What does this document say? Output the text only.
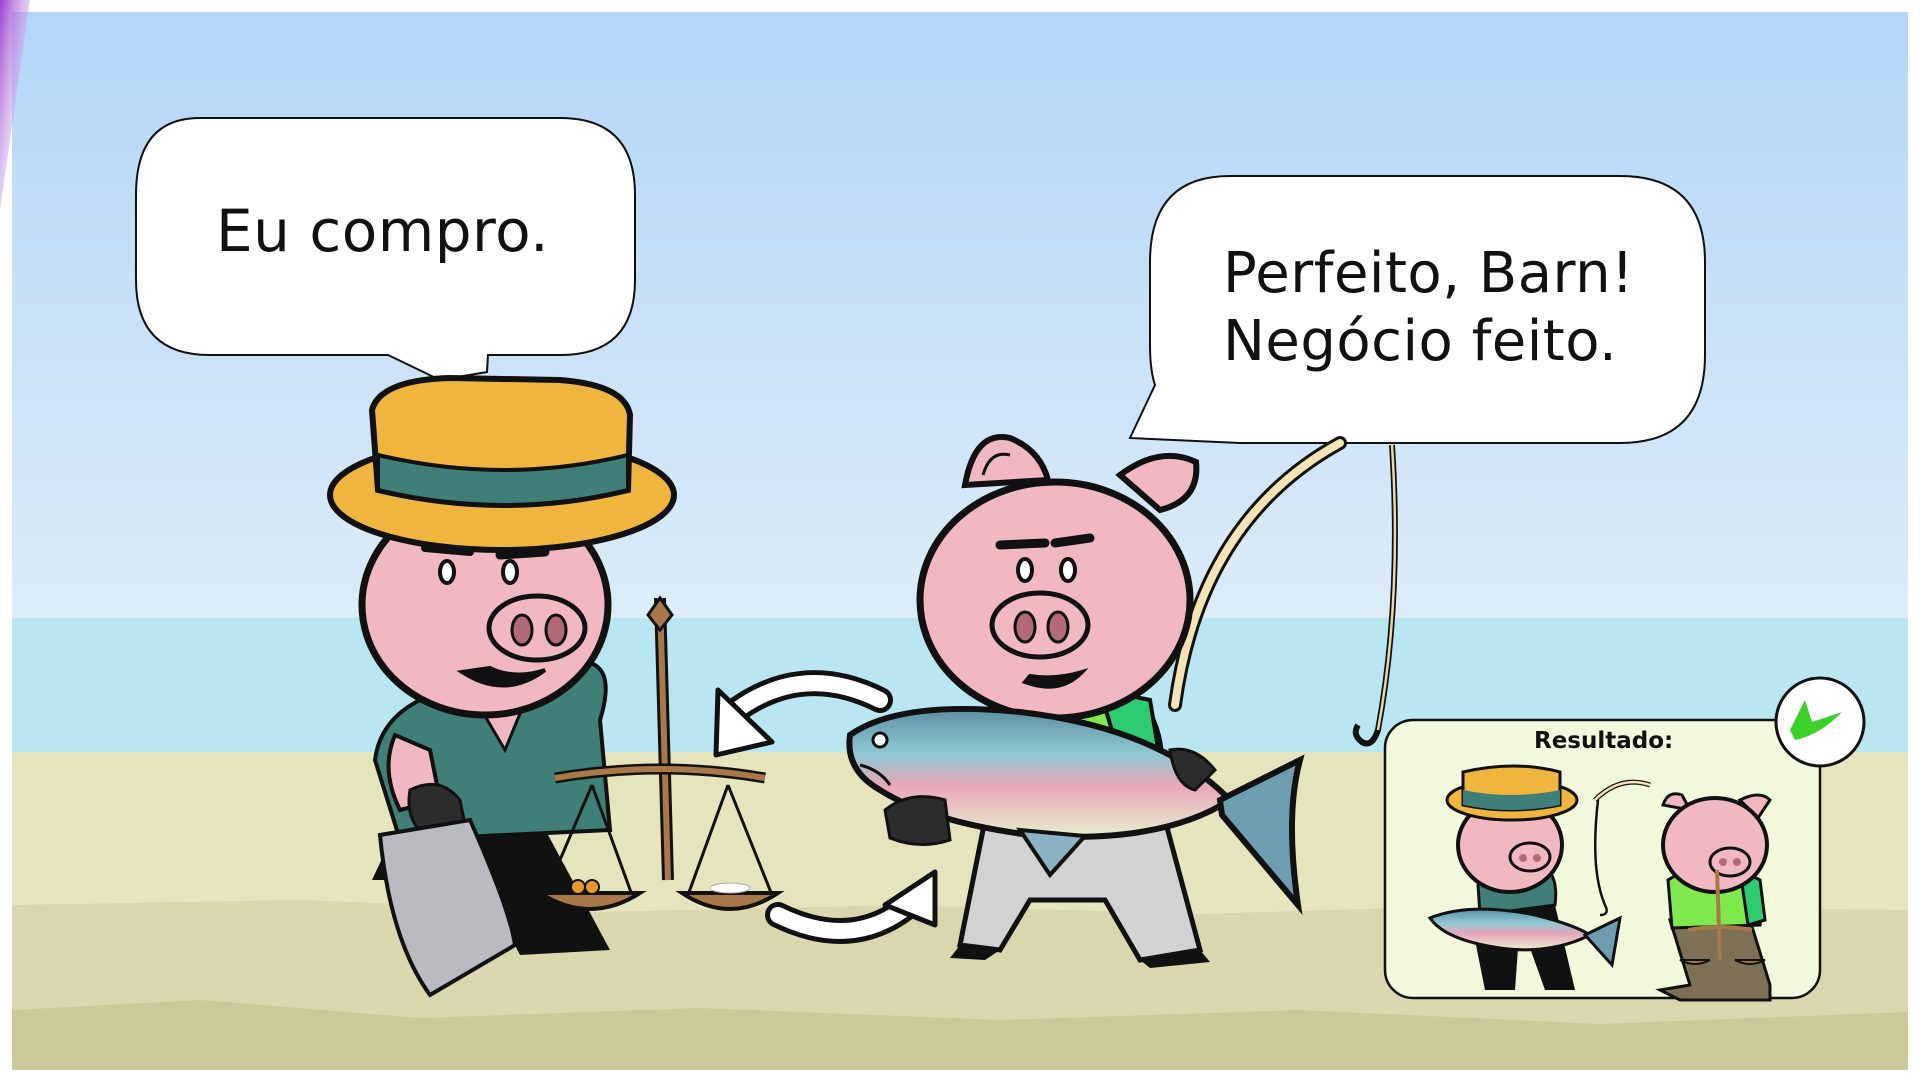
Eu compro.
Perfeito, Barn!
Negócio feito.
Resultado:
